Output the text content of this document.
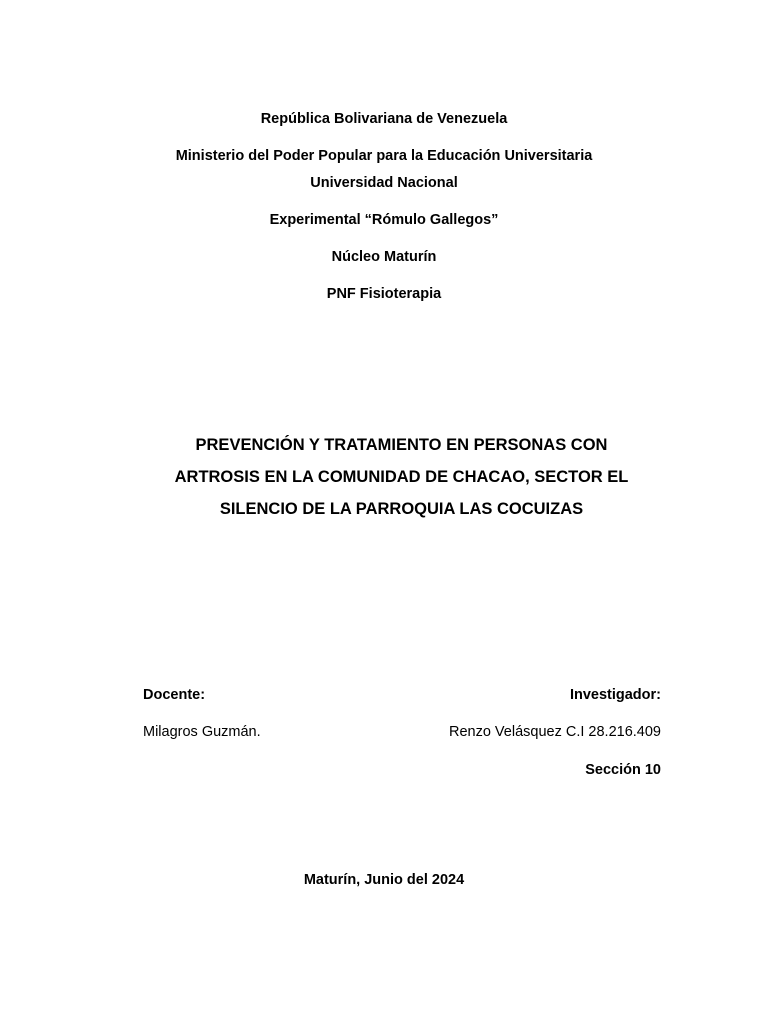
República Bolivariana de Venezuela
Ministerio del Poder Popular para la Educación Universitaria
Universidad Nacional
Experimental “Rómulo Gallegos”
Núcleo Maturín
PNF Fisioterapia
PREVENCIÓN Y TRATAMIENTO EN PERSONAS CON
ARTROSIS EN LA COMUNIDAD DE CHACAO, SECTOR EL
SILENCIO DE LA PARROQUIA LAS COCUIZAS
Docente:
Milagros Guzmán.
Investigador:
Renzo Velásquez C.I 28.216.409
Sección 10
Maturín, Junio del 2024
